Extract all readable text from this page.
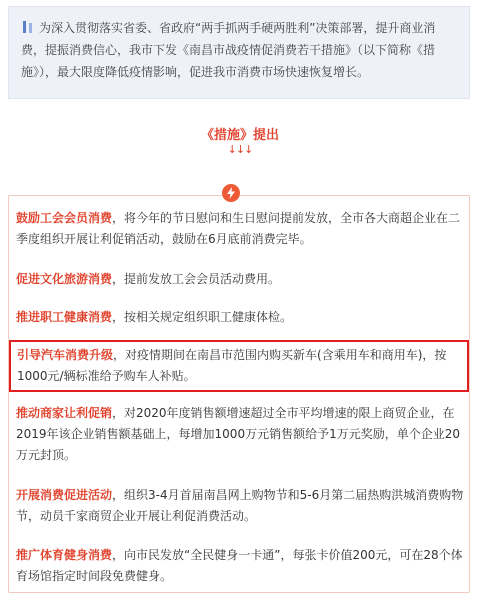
为深入贯彻落实省委、省政府“两手抓两手硬两胜利”决策部署，提升商业消费，提振消费信心，我市下发《南昌市战疫情促消费若干措施》（以下简称《措施》），最大限度降低疫情影响，促进我市消费市场快速恢复增长。
《措施》提出
↓↓↓
鼓励工会会员消费，将今年的节日慰问和生日慰问提前发放，全市各大商超企业在二季度组织开展让利促销活动，鼓励在6月底前消费完毕。
促进文化旅游消费，提前发放工会会员活动费用。
推进职工健康消费，按相关规定组织职工健康体检。
引导汽车消费升级，对疫情期间在南昌市范围内购买新车(含乘用车和商用车)，按1000元/辆标准给予购车人补贴。
推动商家让利促销，对2020年度销售额增速超过全市平均增速的限上商贸企业，在2019年该企业销售额基础上，每增加1000万元销售额给予1万元奖励，单个企业20万元封顶。
开展消费促进活动，组织3-4月首届南昌网上购物节和5-6月第二届热购洪城消费购物节，动员千家商贸企业开展让利促消费活动。
推广体育健身消费，向市民发放“全民健身一卡通”，每张卡价值200元，可在28个体育场馆指定时间段免费健身。
